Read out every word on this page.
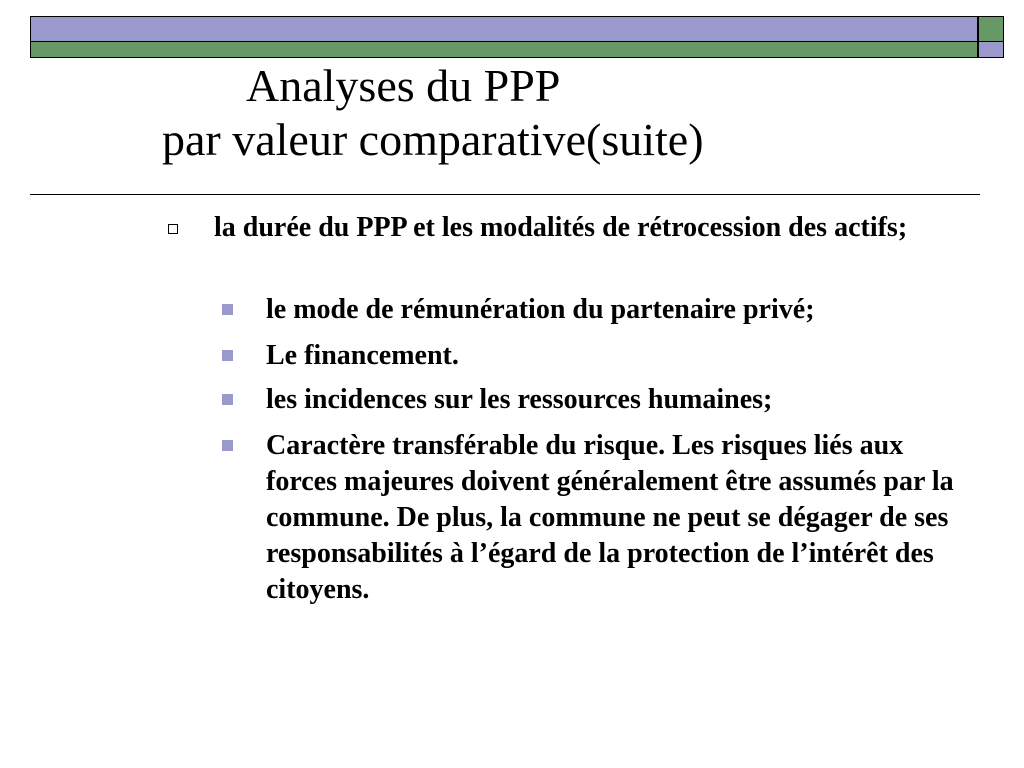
Analyses du PPP
par valeur comparative(suite)
la durée du PPP et les modalités de rétrocession des actifs;
le mode de rémunération du partenaire privé;
Le financement.
les incidences sur les ressources humaines;
Caractère transférable du risque. Les risques liés aux forces majeures doivent généralement être assumés par la commune. De plus, la commune ne peut se dégager de ses responsabilités à l’égard de la protection de l’intérêt des citoyens.
